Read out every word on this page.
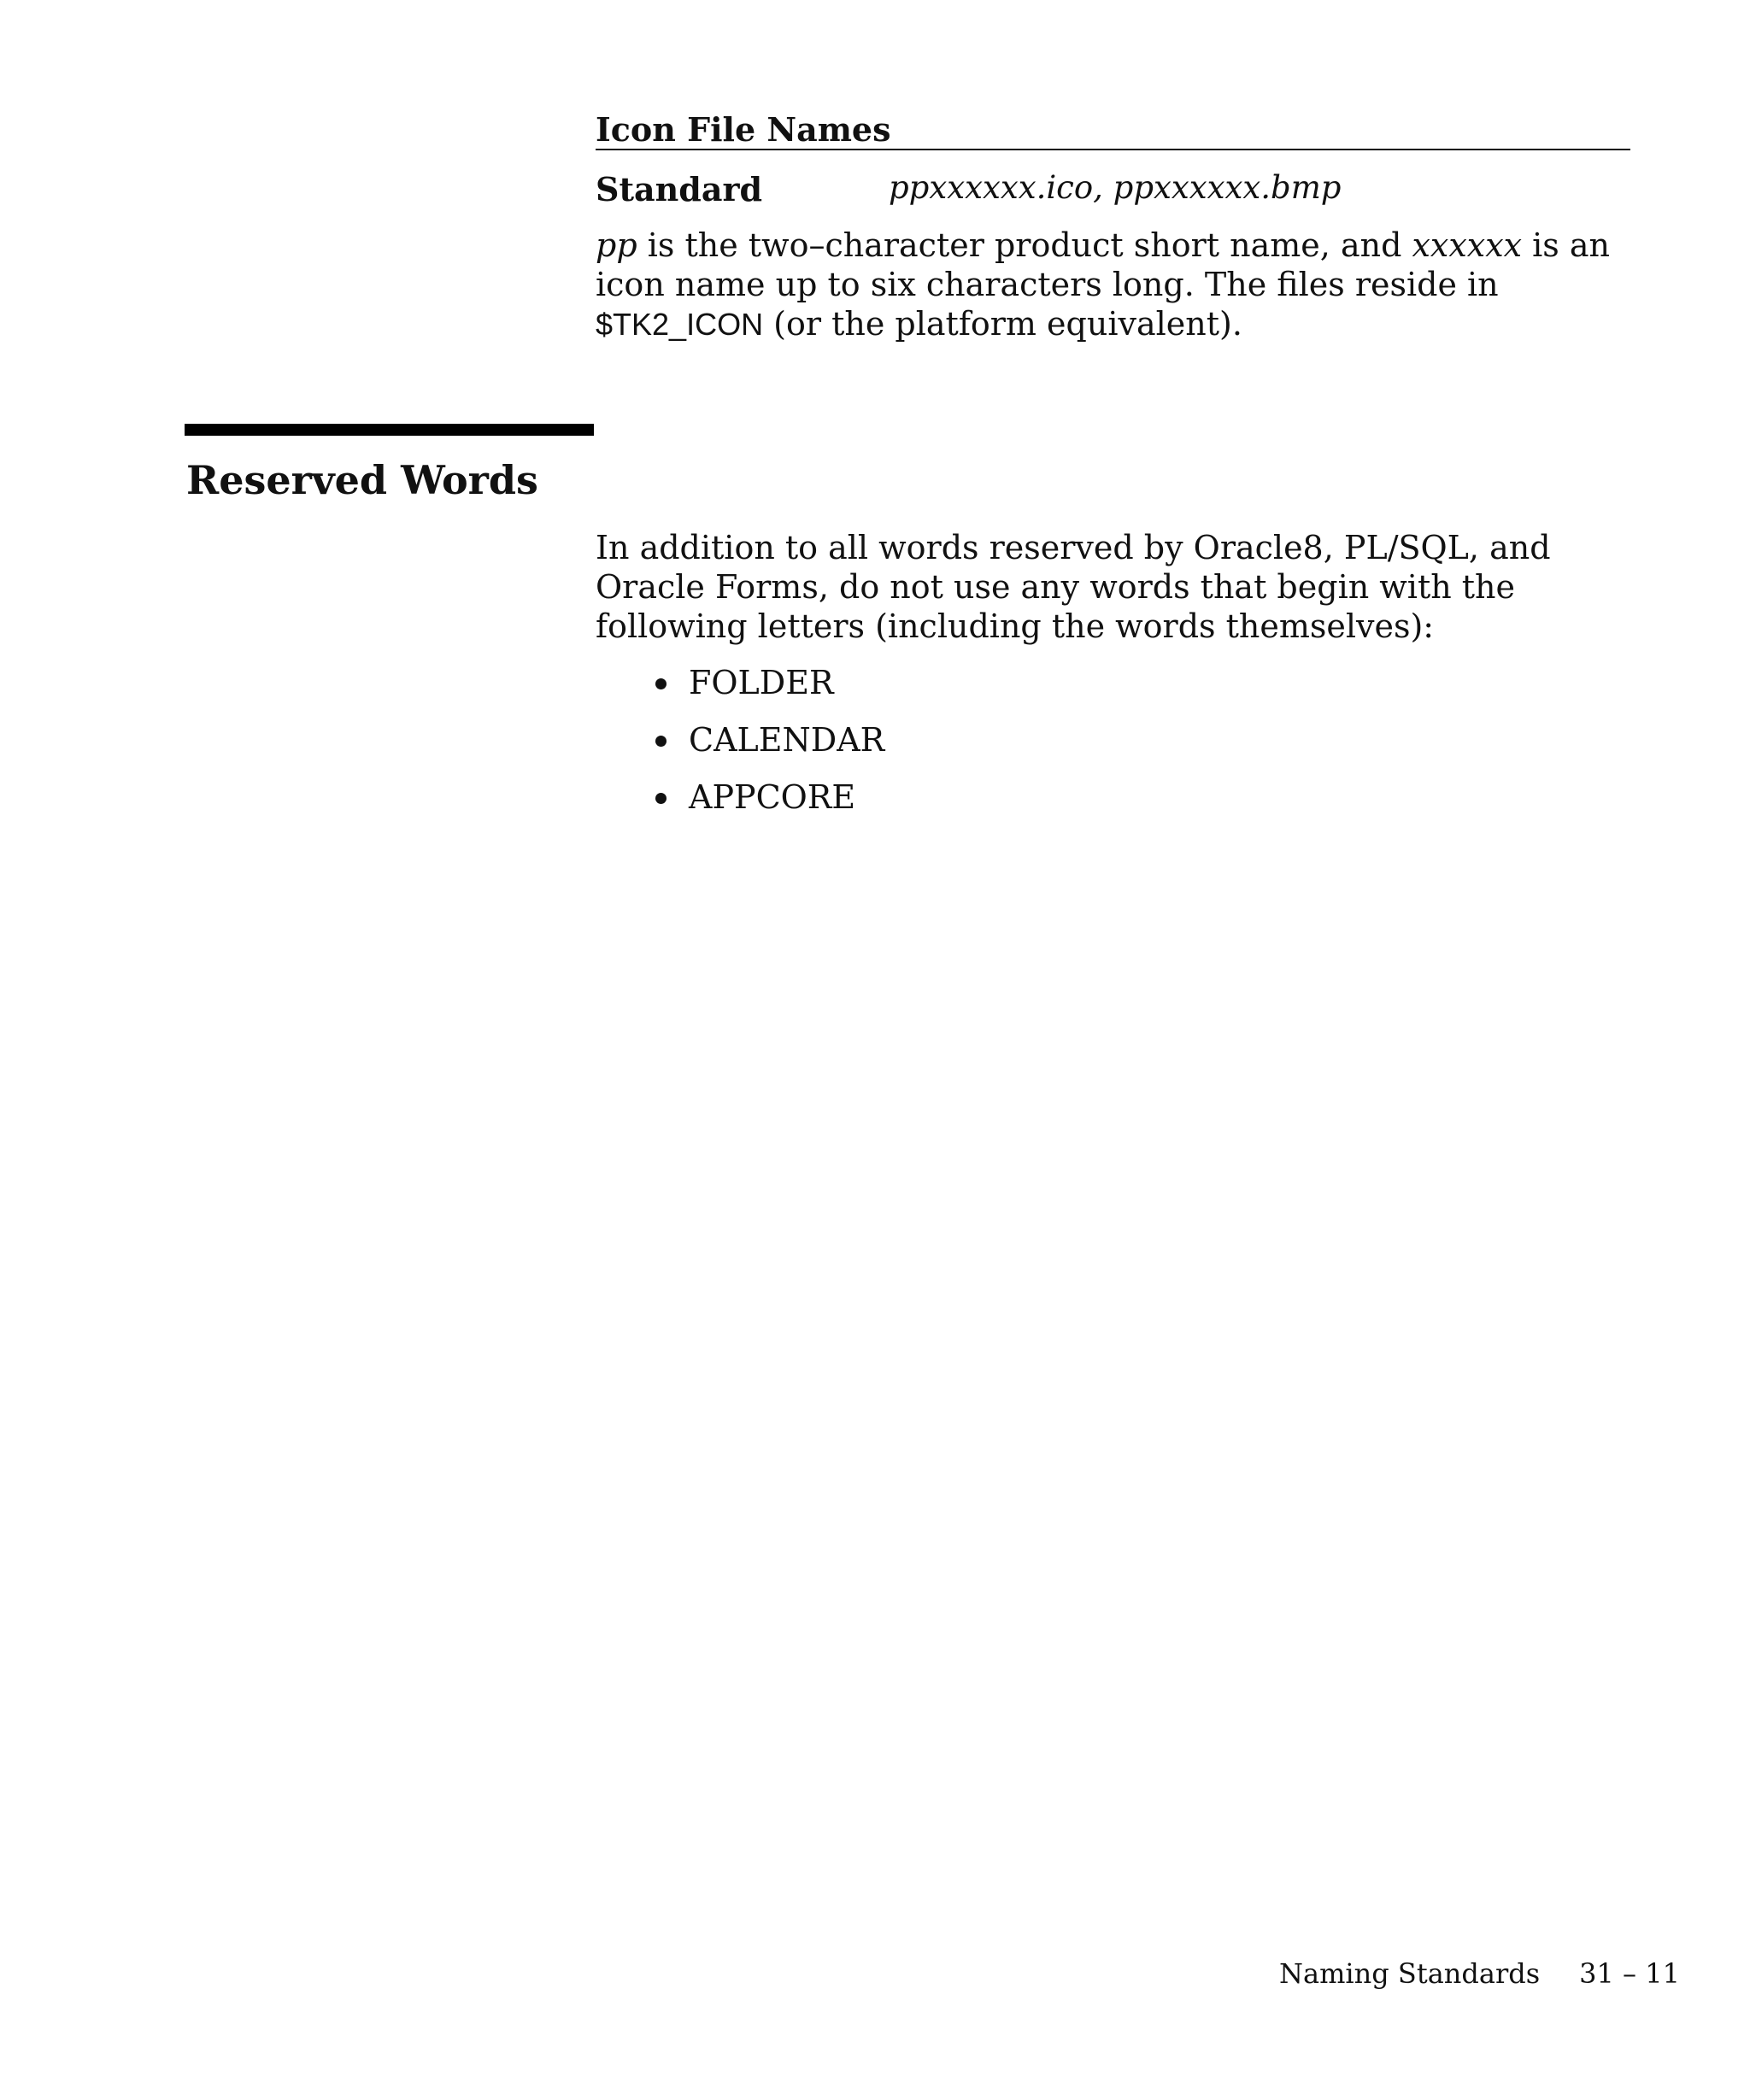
Icon File Names
Standard	ppxxxxxx.ico, ppxxxxxx.bmp
pp is the two–character product short name, and xxxxxx is an icon name up to six characters long. The files reside in $TK2_ICON (or the platform equivalent).
Reserved Words
In addition to all words reserved by Oracle8, PL/SQL, and Oracle Forms, do not use any words that begin with the following letters (including the words themselves):
FOLDER
CALENDAR
APPCORE
Naming Standards 31 – 11
